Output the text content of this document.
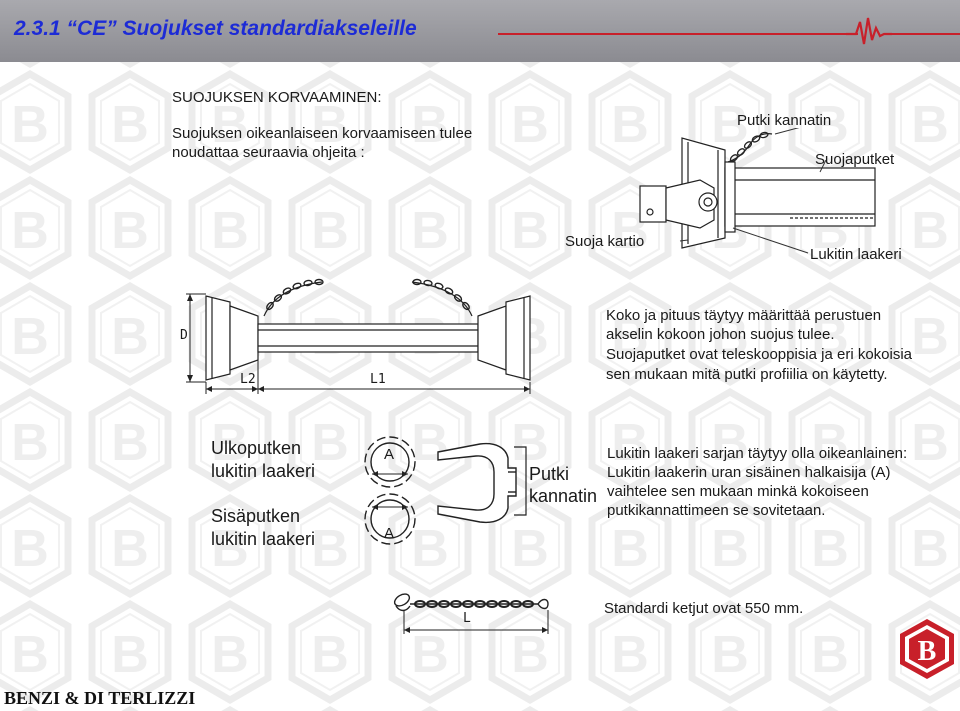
2.3.1 “CE” Suojukset standardiakseleille
SUOJUKSEN KORVAAMINEN:
Suojuksen oikeanlaiseen korvaamiseen tulee
noudattaa seuraavia ohjeita :
Putki kannatin
Suojaputket
Suoja kartio
Lukitin laakeri
D
L2	L1
Koko ja pituus täytyy määrittää perustuen
akselin kokoon johon suojus tulee.
Suojaputket ovat teleskooppisia ja eri kokoisia
sen mukaan mitä putki profiilia on käytetty.
Ulkoputken
lukitin laakeri
Sisäputken
lukitin laakeri
A
A
Putki
kannatin
Lukitin laakeri sarjan täytyy olla oikeanlainen:
Lukitin laakerin uran sisäinen halkaisija (A)
vaihtelee sen mukaan minkä kokoiseen
putkikannattimeen se sovitetaan.
L
Standardi ketjut ovat 550 mm.
B
BENZI & DI TERLIZZI
